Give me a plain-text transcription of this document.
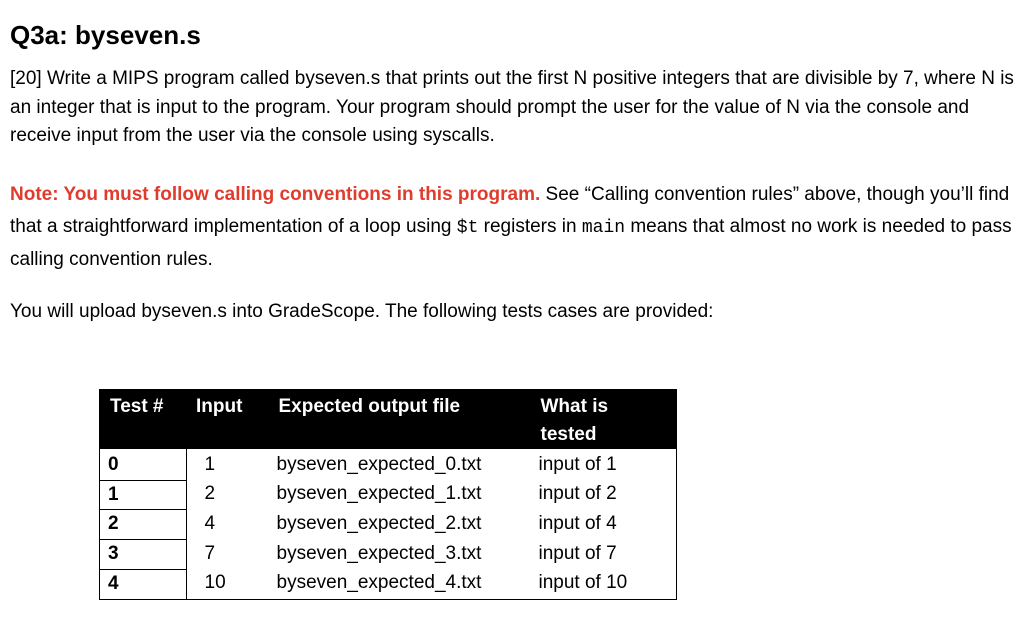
Q3a: byseven.s

[20] Write a MIPS program called byseven.s that prints out the first N positive integers that are divisible by 7, where N is an integer that is input to the program. Your program should prompt the user for the value of N via the console and receive input from the user via the console using syscalls.

Note: You must follow calling conventions in this program. See “Calling convention rules” above, though you’ll find that a straightforward implementation of a loop using $t registers in main means that almost no work is needed to pass calling convention rules.

You will upload byseven.s into GradeScope. The following tests cases are provided:

Test #	Input	Expected output file	What is tested
0	1	byseven_expected_0.txt	input of 1
1	2	byseven_expected_1.txt	input of 2
2	4	byseven_expected_2.txt	input of 4
3	7	byseven_expected_3.txt	input of 7
4	10	byseven_expected_4.txt	input of 10
